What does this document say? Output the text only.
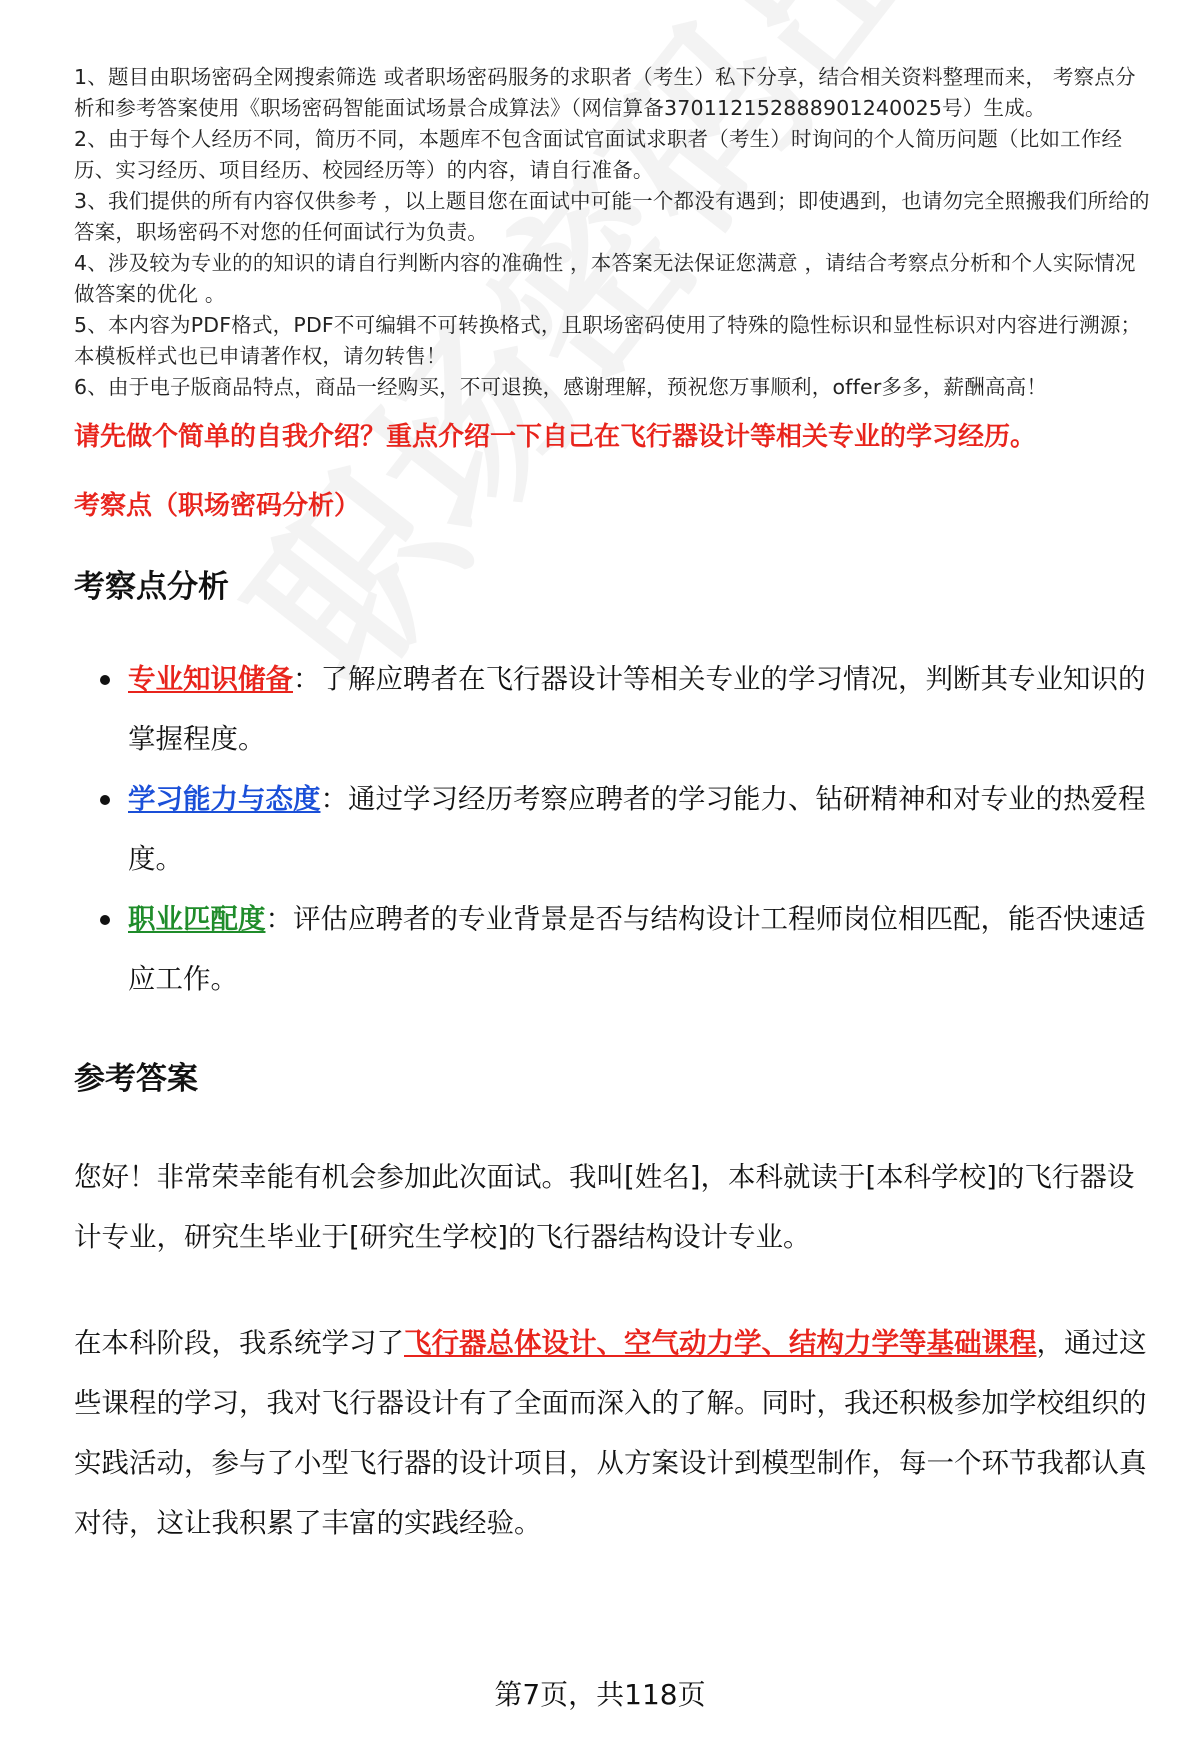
1、题目由职场密码全网搜索筛选 或者职场密码服务的求职者（考生）私下分享，结合相关资料整理而来， 考察点分析和参考答案使用《职场密码智能面试场景合成算法》（网信算备370112152888901240025号）生成。
2、由于每个人经历不同，简历不同，本题库不包含面试官面试求职者（考生）时询问的个人简历问题（比如工作经历、实习经历、项目经历、校园经历等）的内容，请自行准备。
3、我们提供的所有内容仅供参考 ，以上题目您在面试中可能一个都没有遇到；即使遇到，也请勿完全照搬我们所给的答案，职场密码不对您的任何面试行为负责。
4、涉及较为专业的的知识的请自行判断内容的准确性 ，本答案无法保证您满意 ，请结合考察点分析和个人实际情况做答案的优化 。
5、本内容为PDF格式，PDF不可编辑不可转换格式，且职场密码使用了特殊的隐性标识和显性标识对内容进行溯源；本模板样式也已申请著作权，请勿转售！
6、由于电子版商品特点，商品一经购买，不可退换，感谢理解，预祝您万事顺利，offer多多，薪酬高高！
请先做个简单的自我介绍？重点介绍一下自己在飞行器设计等相关专业的学习经历。
考察点（职场密码分析）
考察点分析
专业知识储备：了解应聘者在飞行器设计等相关专业的学习情况，判断其专业知识的掌握程度。
学习能力与态度：通过学习经历考察应聘者的学习能力、钻研精神和对专业的热爱程度。
职业匹配度：评估应聘者的专业背景是否与结构设计工程师岗位相匹配，能否快速适应工作。
参考答案

您好！非常荣幸能有机会参加此次面试。我叫[姓名]，本科就读于[本科学校]的飞行器设计专业，研究生毕业于[研究生学校]的飞行器结构设计专业。

在本科阶段，我系统学习了飞行器总体设计、空气动力学、结构力学等基础课程，通过这些课程的学习，我对飞行器设计有了全面而深入的了解。同时，我还积极参加学校组织的实践活动，参与了小型飞行器的设计项目，从方案设计到模型制作，每一个环节我都认真对待，这让我积累了丰富的实践经验。

第7页，共118页
